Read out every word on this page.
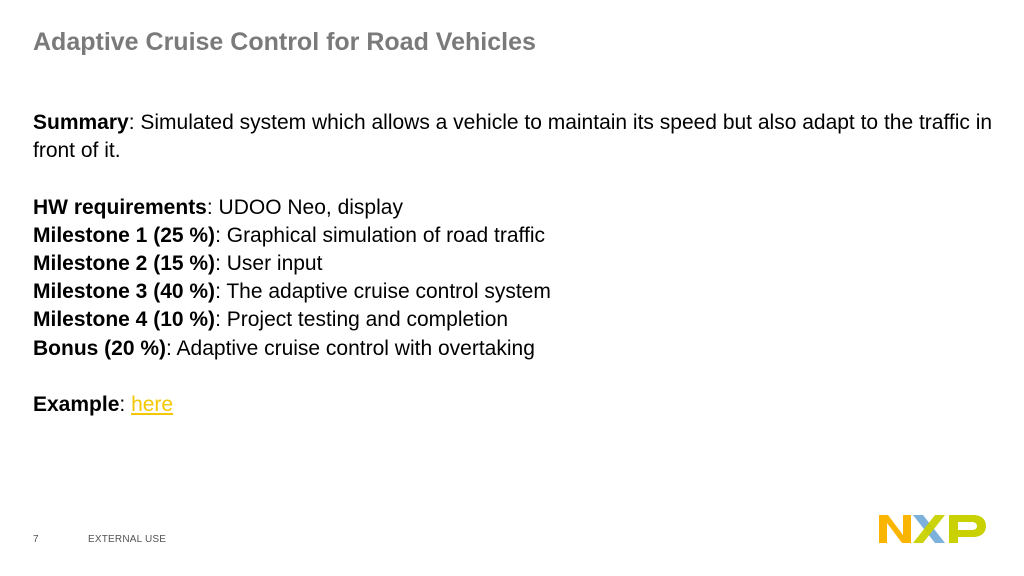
Adaptive Cruise Control for Road Vehicles

Summary: Simulated system which allows a vehicle to maintain its speed but also adapt to the traffic in front of it.

HW requirements: UDOO Neo, display

Milestone 1 (25 %): Graphical simulation of road traffic

Milestone 2 (15 %): User input

Milestone 3 (40 %): The adaptive cruise control system

Milestone 4 (10 %): Project testing and completion

Bonus (20 %): Adaptive cruise control with overtaking

Example: here

7	EXTERNAL USE
